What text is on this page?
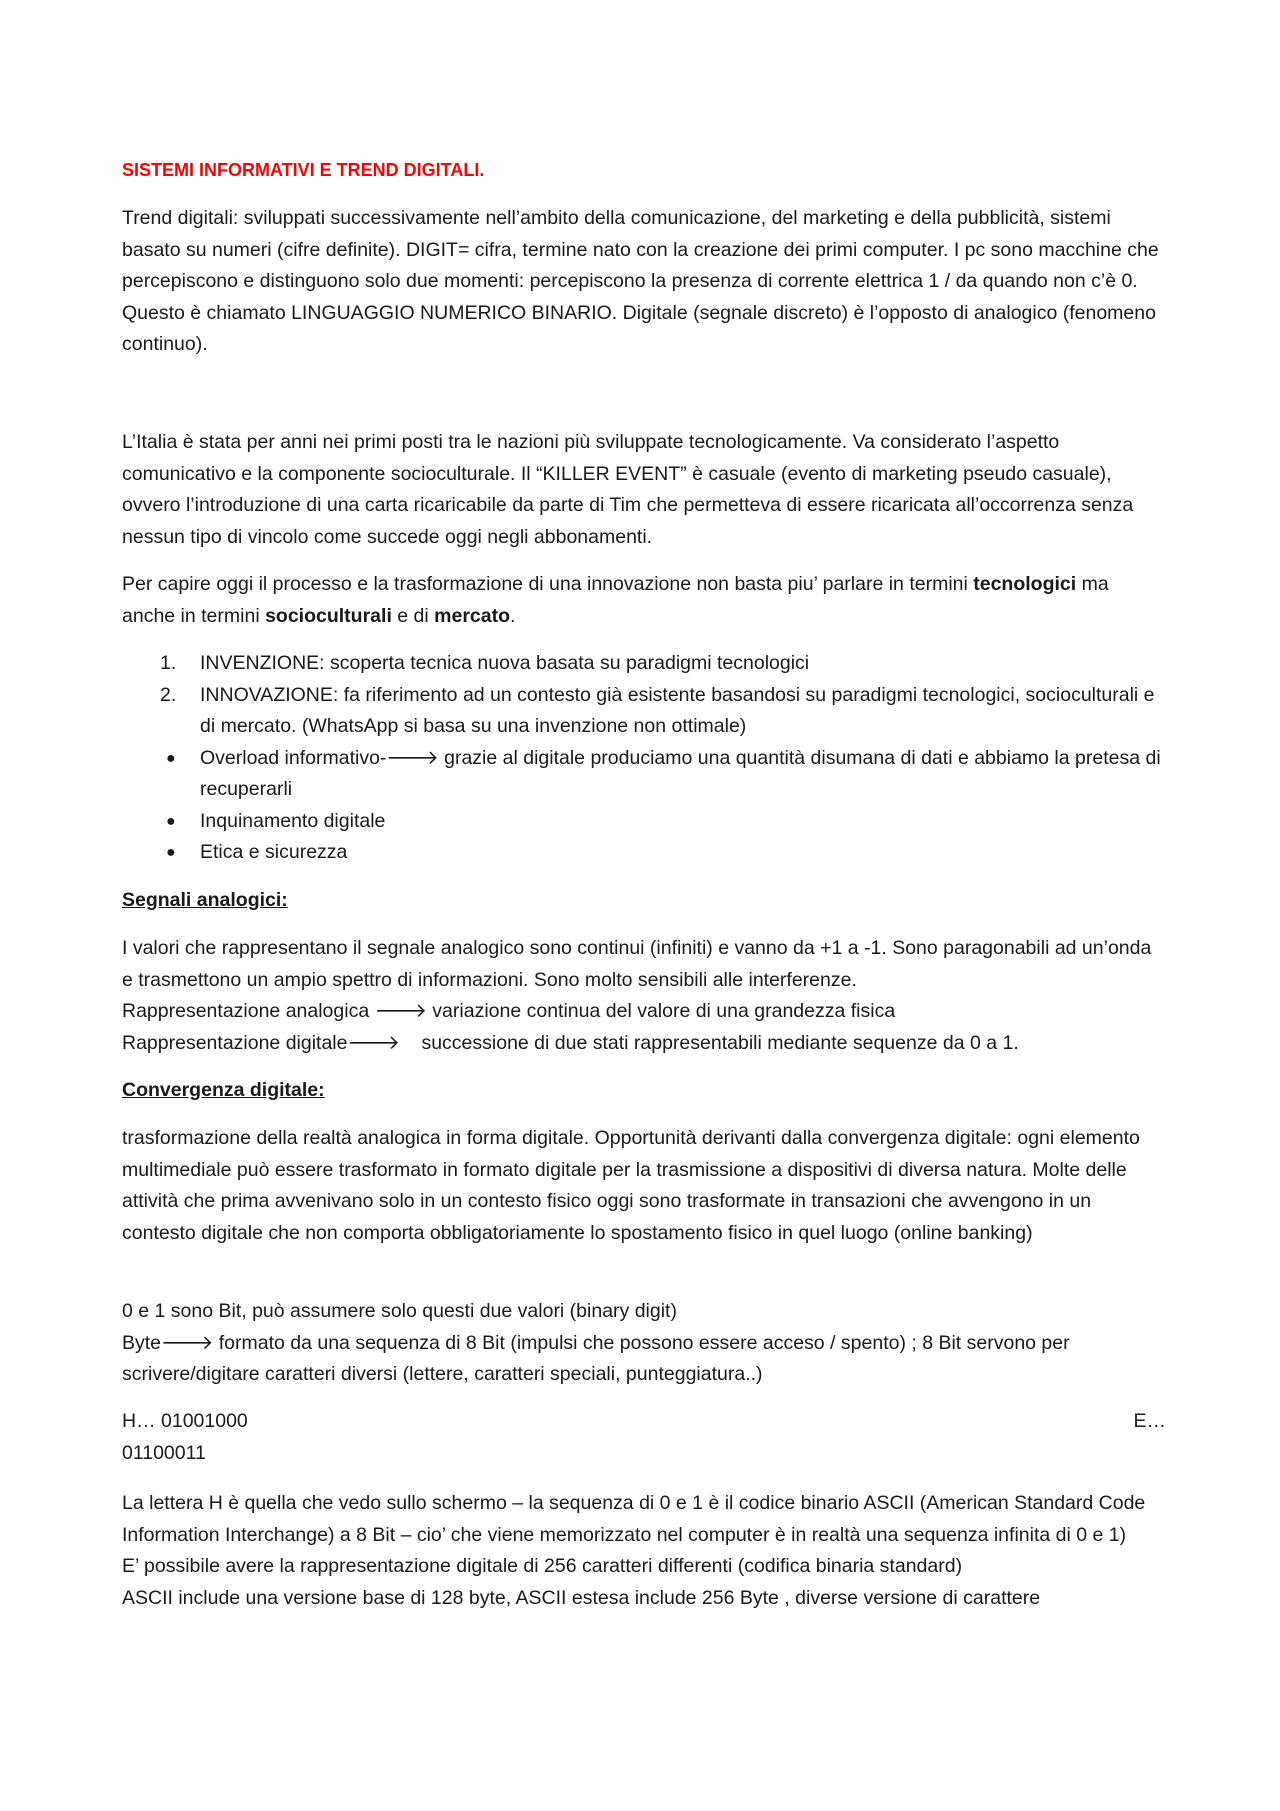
SISTEMI INFORMATIVI E TREND DIGITALI.

Trend digitali: sviluppati successivamente nell’ambito della comunicazione, del marketing e della pubblicità, sistemi basato su numeri (cifre definite). DIGIT= cifra, termine nato con la creazione dei primi computer. I pc sono macchine che percepiscono e distinguono solo due momenti: percepiscono la presenza di corrente elettrica 1 / da quando non c’è 0. Questo è chiamato LINGUAGGIO NUMERICO BINARIO. Digitale (segnale discreto) è l’opposto di analogico (fenomeno continuo).

L’Italia è stata per anni nei primi posti tra le nazioni più sviluppate tecnologicamente. Va considerato l’aspetto comunicativo e la componente socioculturale. Il “KILLER EVENT” è casuale (evento di marketing pseudo casuale), ovvero l’introduzione di una carta ricaricabile da parte di Tim che permetteva di essere ricaricata all’occorrenza senza nessun tipo di vincolo come succede oggi negli abbonamenti.

Per capire oggi il processo e la trasformazione di una innovazione non basta piu’ parlare in termini tecnologici ma anche in termini socioculturali e di mercato.

1.	INVENZIONE: scoperta tecnica nuova basata su paradigmi tecnologici
2.	INNOVAZIONE: fa riferimento ad un contesto già esistente basandosi su paradigmi tecnologici, socioculturali e di mercato. (WhatsApp si basa su una invenzione non ottimale)
●	Overload informativo-🡒 grazie al digitale produciamo una quantità disumana di dati e abbiamo la pretesa di recuperarli
●	Inquinamento digitale
●	Etica e sicurezza
Segnali analogici:

I valori che rappresentano il segnale analogico sono continui (infiniti) e vanno da +1 a -1. Sono paragonabili ad un’onda e trasmettono un ampio spettro di informazioni. Sono molto sensibili alle interferenze.

Rappresentazione analogica 🡒 variazione continua del valore di una grandezza fisica

Rappresentazione digitale🡒    successione di due stati rappresentabili mediante sequenze da 0 a 1.

Convergenza digitale:

trasformazione della realtà analogica in forma digitale. Opportunità derivanti dalla convergenza digitale: ogni elemento multimediale può essere trasformato in formato digitale per la trasmissione a dispositivi di diversa natura. Molte delle attività che prima avvenivano solo in un contesto fisico oggi sono trasformate in transazioni che avvengono in un contesto digitale che non comporta obbligatoriamente lo spostamento fisico in quel luogo (online banking)

0 e 1 sono Bit, può assumere solo questi due valori (binary digit)

Byte🡒 formato da una sequenza di 8 Bit (impulsi che possono essere acceso / spento) ; 8 Bit servono per scrivere/digitare caratteri diversi (lettere, caratteri speciali, punteggiatura..)

H… 01001000	E…

01100011

La lettera H è quella che vedo sullo schermo – la sequenza di 0 e 1 è il codice binario ASCII (American Standard Code Information Interchange) a 8 Bit – cio’ che viene memorizzato nel computer è in realtà una sequenza infinita di 0 e 1)

E’ possibile avere la rappresentazione digitale di 256 caratteri differenti (codifica binaria standard)

ASCII include una versione base di 128 byte, ASCII estesa include 256 Byte , diverse versione di carattere
